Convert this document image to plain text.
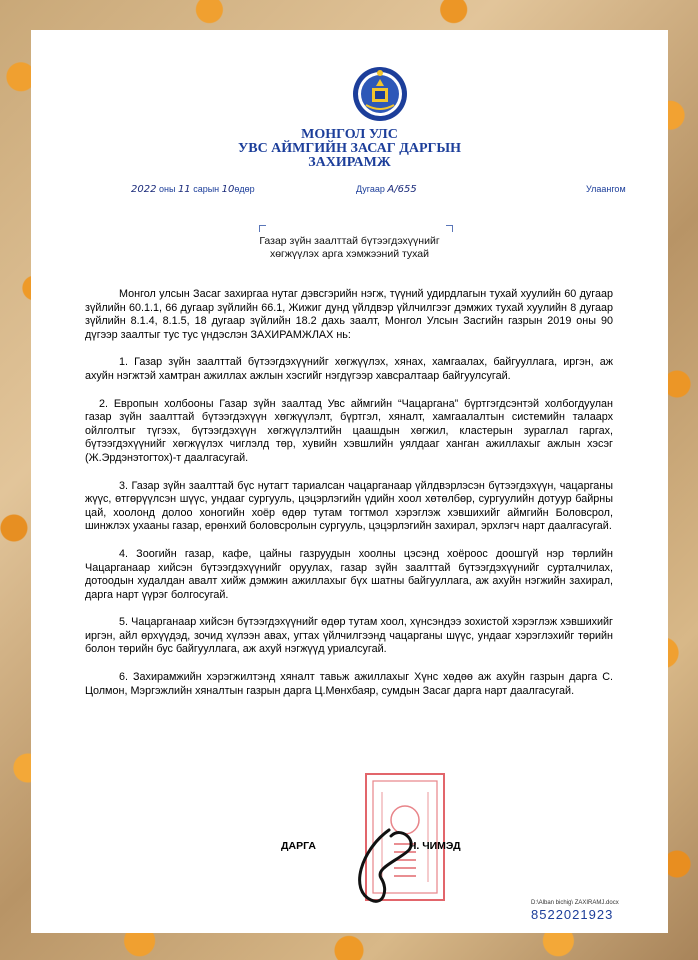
МОНГОЛ УЛС
УВС АЙМГИЙН ЗАСАГ ДАРГЫН
ЗАХИРАМЖ
2022 оны 11 сарын 10өдөр	Дугаар A/655	Улаангом
Газар зүйн заалттай бүтээгдэхүүнийг
хөгжүүлэх арга хэмжээний тухай

Монгол улсын Засаг захиргаа нутаг дэвсгэрийн нэгж, түүний удирдлагын тухай хуулийн 60 дугаар зүйлийн 60.1.1, 66 дугаар зүйлийн 66.1, Жижиг дунд үйлдвэр үйлчилгээг дэмжих тухай хуулийн 8 дугаар зүйлийн 8.1.4, 8.1.5, 18 дугаар зүйлийн 18.2 дахь заалт, Монгол Улсын Засгийн газрын 2019 оны 90 дүгээр заалтыг тус тус үндэслэн ЗАХИРАМЖЛАХ нь:

1. Газар зүйн заалттай бүтээгдэхүүнийг хөгжүүлэх, хянах, хамгаалах, байгууллага, иргэн, аж ахуйн нэгжтэй хамтран ажиллах ажлын хэсгийг нэгдүгээр хавсралтаар байгуулсугай.

2. Европын холбооны Газар зүйн заалтад Увс аймгийн “Чацаргана” бүртгэгдсэнтэй холбогдуулан газар зүйн заалттай бүтээгдэхүүн хөгжүүлэлт, бүртгэл, хяналт, хамгаалалтын системийн талаарх ойлголтыг түгээх, бүтээгдэхүүн хөгжүүлэлтийн цаашдын хөгжил, кластерын зураглал гаргах, бүтээгдэхүүнийг хөгжүүлэх чиглэлд төр, хувийн хэвшлийн уялдааг ханган ажиллахыг ажлын хэсэг (Ж.Эрдэнэтогтох)-т даалгасугай.

3. Газар зүйн заалттай бүс нутагт тариалсан чацарганаар үйлдвэрлэсэн бүтээгдэхүүн, чацарганы жүүс, өтгөрүүлсэн шүүс, ундааг сургууль, цэцэрлэгийн үдийн хоол хөтөлбөр, сургуулийн дотуур байрны цай, хоолонд долоо хоногийн хоёр өдөр тутам тогтмол хэрэглэж хэвшихийг аймгийн Боловсрол, шинжлэх ухааны газар, ерөнхий боловсролын сургууль, цэцэрлэгийн захирал, эрхлэгч нарт даалгасугай.

4. Зоогийн газар, кафе, цайны газруудын хоолны цэсэнд хоёроос доошгүй нэр төрлийн Чацарганаар хийсэн бүтээгдэхүүнийг оруулах, газар зүйн заалттай бүтээгдэхүүнийг сурталчилах, дотоодын худалдан авалт хийж дэмжин ажиллахыг бүх шатны байгууллага, аж ахуйн нэгжийн захирал, дарга нарт үүрэг болгосугай.

5. Чацарганаар хийсэн бүтээгдэхүүнийг өдөр тутам хоол, хүнсэндээ зохистой хэрэглэж хэвшихийг иргэн, айл өрхүүдэд, зочид хүлээн авах, угтах үйлчилгээнд чацарганы шүүс, ундааг хэрэглэхийг төрийн болон төрийн бус байгууллага, аж ахуй нэгжүүд уриалсугай.

6. Захирамжийн хэрэгжилтэнд хяналт тавьж ажиллахыг Хүнс хөдөө аж ахуйн газрын дарга С. Цолмон, Мэргэжлийн хяналтын газрын дарга Ц.Мөнхбаяр, сумдын Засаг дарга нарт даалгасугай.

ДАРГА	Ч. ЧИМЭД
D:\Alban bichig\ ZAXIRAMJ.docx
8522021923
